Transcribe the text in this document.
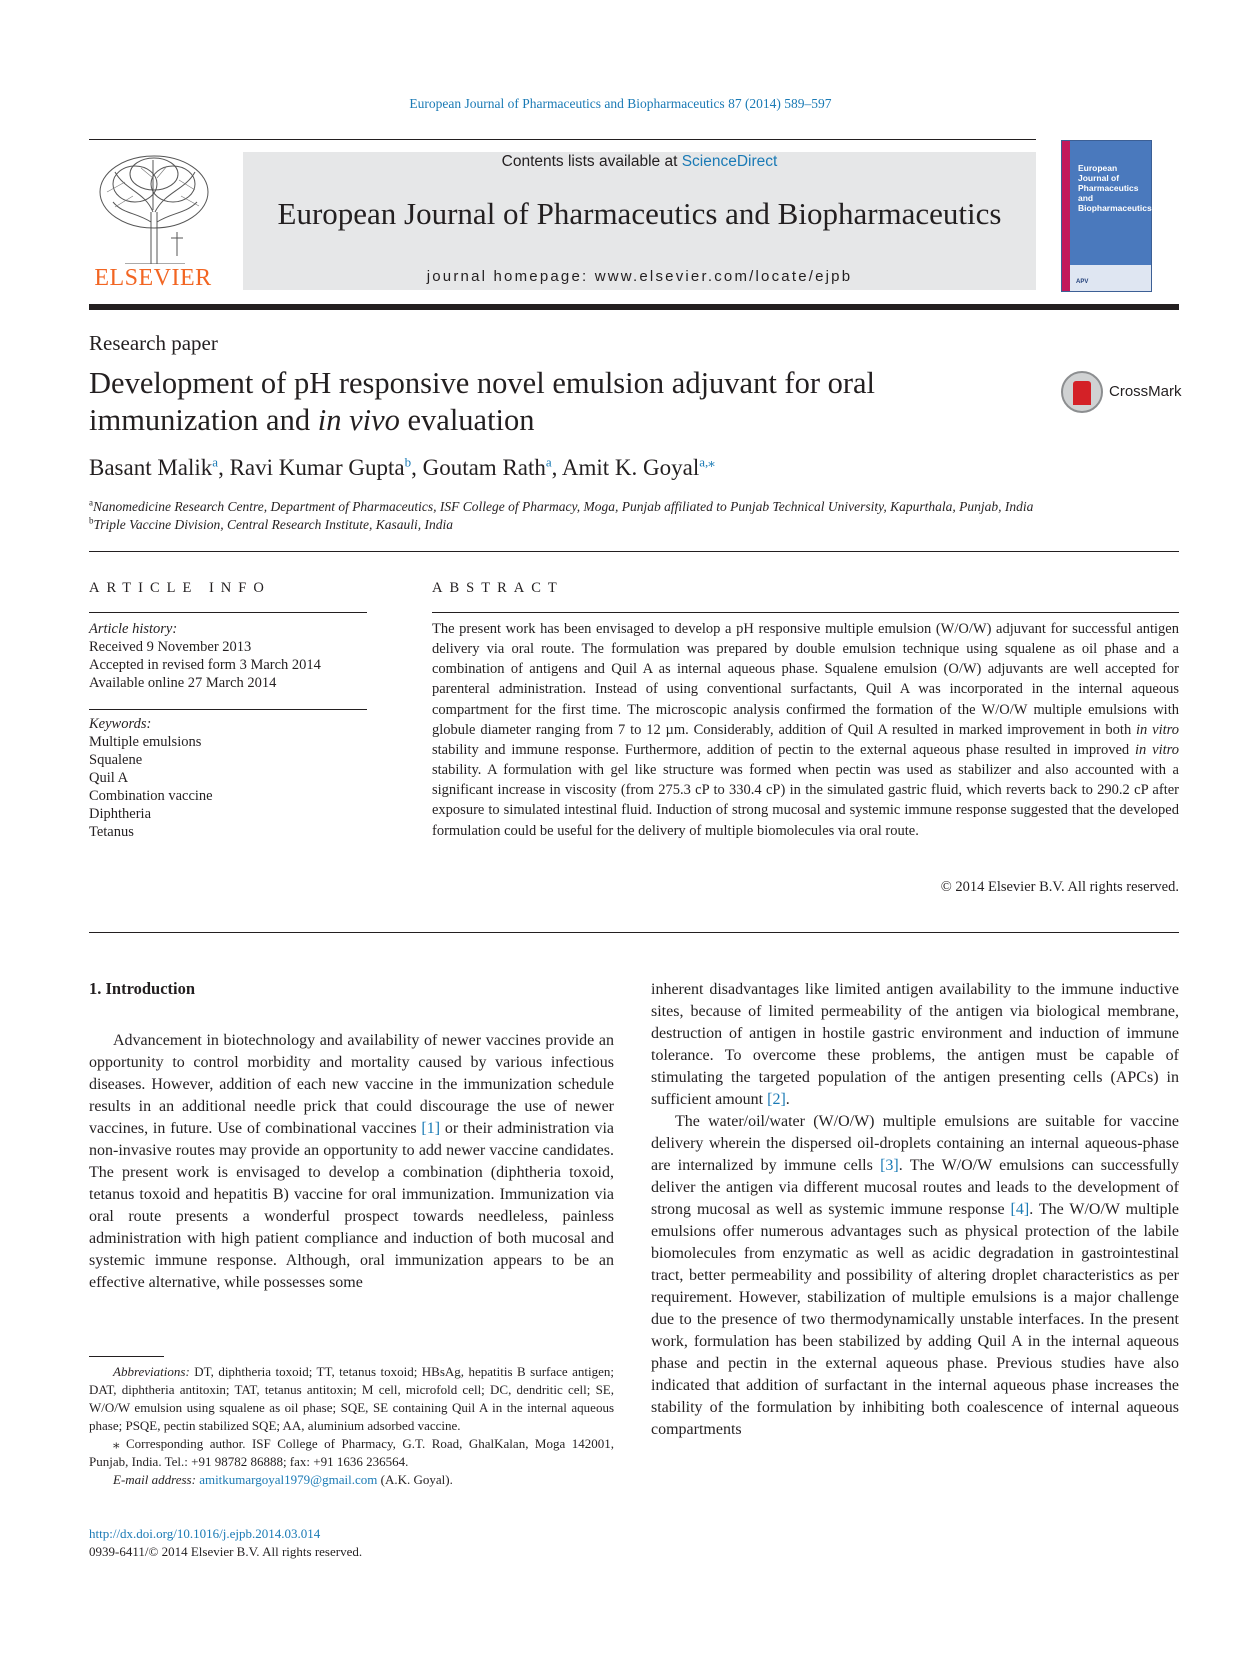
European Journal of Pharmaceutics and Biopharmaceutics 87 (2014) 589–597
ELSEVIER
Contents lists available at ScienceDirect
European Journal of Pharmaceutics and Biopharmaceutics
journal homepage: www.elsevier.com/locate/ejpb
European Journal of Pharmaceutics and Biopharmaceutics
APV
Research paper
Development of pH responsive novel emulsion adjuvant for oral immunization and in vivo evaluation
CrossMark
Basant Malik$^a$, Ravi Kumar Gupta$^b$, Goutam Rath$^a$, Amit K. Goyal$^{a,⁎}$
$^a$Nanomedicine Research Centre, Department of Pharmaceutics, ISF College of Pharmacy, Moga, Punjab affiliated to Punjab Technical University, Kapurthala, Punjab, India
$^b$Triple Vaccine Division, Central Research Institute, Kasauli, India
ARTICLE INFO
Article history:
Received 9 November 2013
Accepted in revised form 3 March 2014
Available online 27 March 2014
Keywords:
Multiple emulsions
Squalene
Quil A
Combination vaccine
Diphtheria
Tetanus
ABSTRACT
The present work has been envisaged to develop a pH responsive multiple emulsion (W/O/W) adjuvant for successful antigen delivery via oral route. The formulation was prepared by double emulsion technique using squalene as oil phase and a combination of antigens and Quil A as internal aqueous phase. Squalene emulsion (O/W) adjuvants are well accepted for parenteral administration. Instead of using conventional surfactants, Quil A was incorporated in the internal aqueous compartment for the first time. The microscopic analysis confirmed the formation of the W/O/W multiple emulsions with globule diameter ranging from 7 to 12 µm. Considerably, addition of Quil A resulted in marked improvement in both in vitro stability and immune response. Furthermore, addition of pectin to the external aqueous phase resulted in improved in vitro stability. A formulation with gel like structure was formed when pectin was used as stabilizer and also accounted with a significant increase in viscosity (from 275.3 cP to 330.4 cP) in the simulated gastric fluid, which reverts back to 290.2 cP after exposure to simulated intestinal fluid. Induction of strong mucosal and systemic immune response suggested that the developed formulation could be useful for the delivery of multiple biomolecules via oral route.
© 2014 Elsevier B.V. All rights reserved.
1. Introduction

Advancement in biotechnology and availability of newer vaccines provide an opportunity to control morbidity and mortality caused by various infectious diseases. However, addition of each new vaccine in the immunization schedule results in an additional needle prick that could discourage the use of newer vaccines, in future. Use of combinational vaccines [1] or their administration via non-invasive routes may provide an opportunity to add newer vaccine candidates. The present work is envisaged to develop a combination (diphtheria toxoid, tetanus toxoid and hepatitis B) vaccine for oral immunization. Immunization via oral route presents a wonderful prospect towards needleless, painless administration with high patient compliance and induction of both mucosal and systemic immune response. Although, oral immunization appears to be an effective alternative, while possesses some

inherent disadvantages like limited antigen availability to the immune inductive sites, because of limited permeability of the antigen via biological membrane, destruction of antigen in hostile gastric environment and induction of immune tolerance. To overcome these problems, the antigen must be capable of stimulating the targeted population of the antigen presenting cells (APCs) in sufficient amount [2].

The water/oil/water (W/O/W) multiple emulsions are suitable for vaccine delivery wherein the dispersed oil-droplets containing an internal aqueous-phase are internalized by immune cells [3]. The W/O/W emulsions can successfully deliver the antigen via different mucosal routes and leads to the development of strong mucosal as well as systemic immune response [4]. The W/O/W multiple emulsions offer numerous advantages such as physical protection of the labile biomolecules from enzymatic as well as acidic degradation in gastrointestinal tract, better permeability and possibility of altering droplet characteristics as per requirement. However, stabilization of multiple emulsions is a major challenge due to the presence of two thermodynamically unstable interfaces. In the present work, formulation has been stabilized by adding Quil A in the internal aqueous phase and pectin in the external aqueous phase. Previous studies have also indicated that addition of surfactant in the internal aqueous phase increases the stability of the formulation by inhibiting both coalescence of internal aqueous compartments

Abbreviations: DT, diphtheria toxoid; TT, tetanus toxoid; HBsAg, hepatitis B surface antigen; DAT, diphtheria antitoxin; TAT, tetanus antitoxin; M cell, microfold cell; DC, dendritic cell; SE, W/O/W emulsion using squalene as oil phase; SQE, SE containing Quil A in the internal aqueous phase; PSQE, pectin stabilized SQE; AA, aluminium adsorbed vaccine.

⁎ Corresponding author. ISF College of Pharmacy, G.T. Road, GhalKalan, Moga 142001, Punjab, India. Tel.: +91 98782 86888; fax: +91 1636 236564.

E-mail address: amitkumargoyal1979@gmail.com (A.K. Goyal).

http://dx.doi.org/10.1016/j.ejpb.2014.03.014
0939-6411/© 2014 Elsevier B.V. All rights reserved.
